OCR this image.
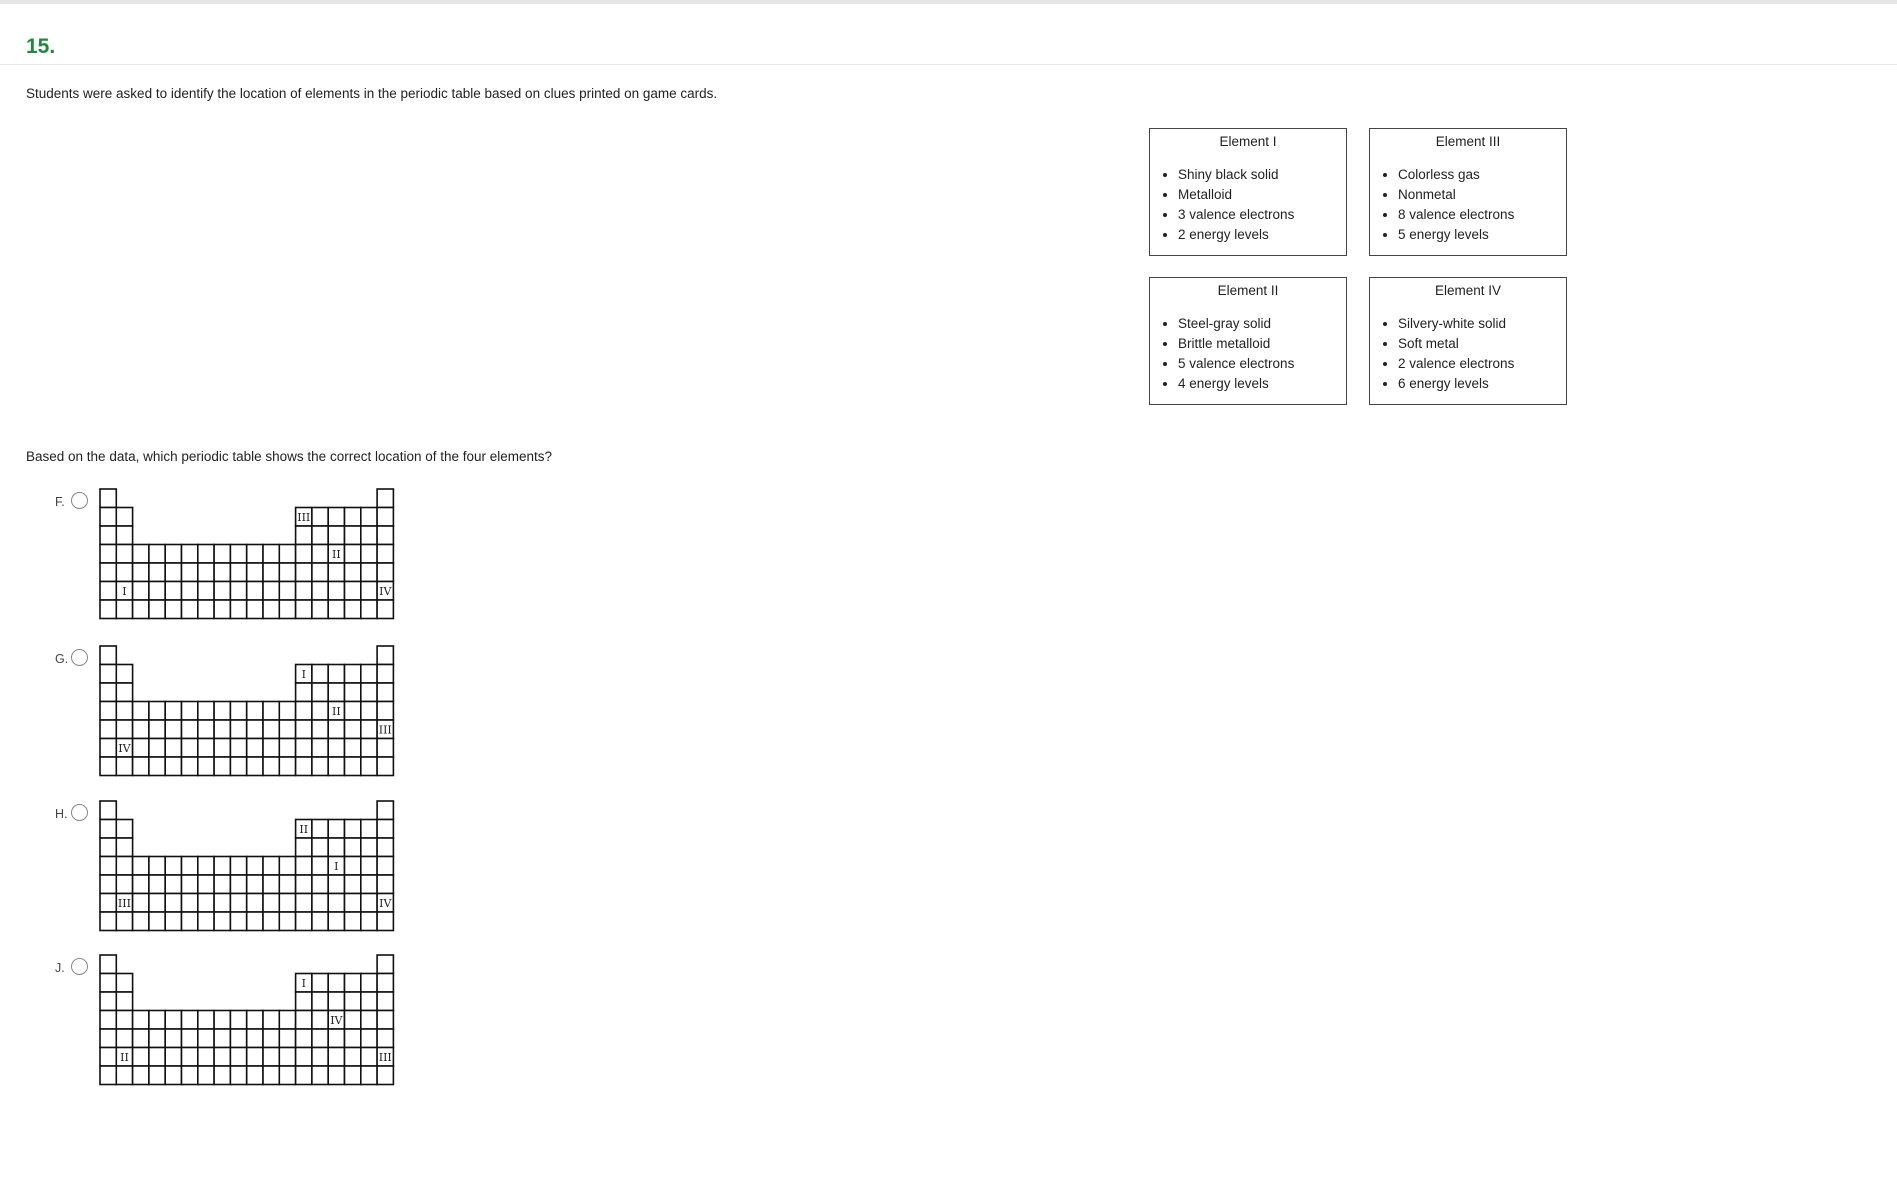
15.
Students were asked to identify the location of elements in the periodic table based on clues printed on game cards.
Element I
• Shiny black solid
• Metalloid
• 3 valence electrons
• 2 energy levels
Element III
• Colorless gas
• Nonmetal
• 8 valence electrons
• 5 energy levels
Element II
• Steel-gray solid
• Brittle metalloid
• 5 valence electrons
• 4 energy levels
Element IV
• Silvery-white solid
• Soft metal
• 2 valence electrons
• 6 energy levels
Based on the data, which periodic table shows the correct location of the four elements?
F.
III
II
I	IV
G.
I
II
III
IV
H.
II
I
III	IV
J.
I
IV
II	III
